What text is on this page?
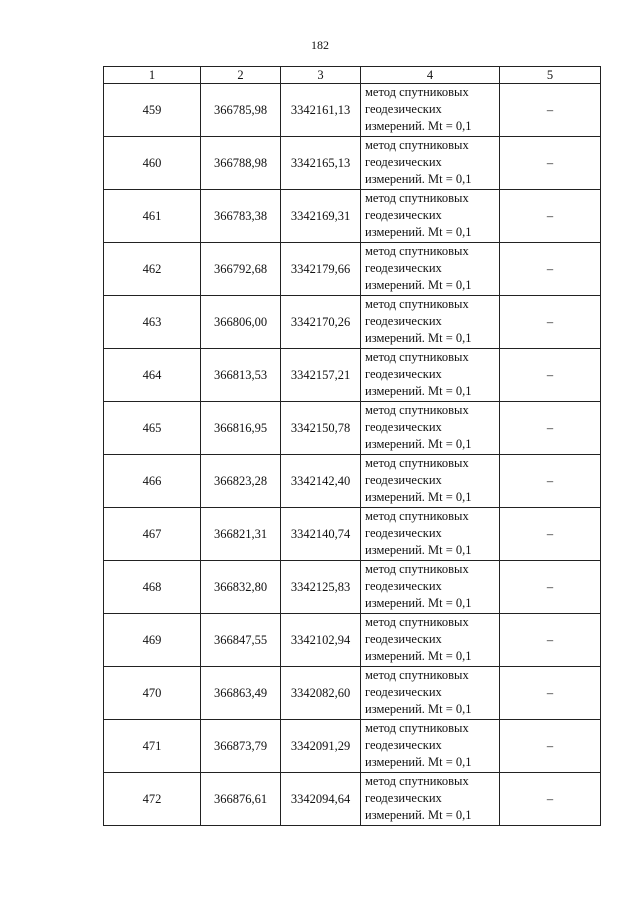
182
1	2	3	4	5
459	366785,98	3342161,13	метод спутниковых
геодезических
измерений. Mt = 0,1	–
460	366788,98	3342165,13	метод спутниковых
геодезических
измерений. Mt = 0,1	–
461	366783,38	3342169,31	метод спутниковых
геодезических
измерений. Mt = 0,1	–
462	366792,68	3342179,66	метод спутниковых
геодезических
измерений. Mt = 0,1	–
463	366806,00	3342170,26	метод спутниковых
геодезических
измерений. Mt = 0,1	–
464	366813,53	3342157,21	метод спутниковых
геодезических
измерений. Mt = 0,1	–
465	366816,95	3342150,78	метод спутниковых
геодезических
измерений. Mt = 0,1	–
466	366823,28	3342142,40	метод спутниковых
геодезических
измерений. Mt = 0,1	–
467	366821,31	3342140,74	метод спутниковых
геодезических
измерений. Mt = 0,1	–
468	366832,80	3342125,83	метод спутниковых
геодезических
измерений. Mt = 0,1	–
469	366847,55	3342102,94	метод спутниковых
геодезических
измерений. Mt = 0,1	–
470	366863,49	3342082,60	метод спутниковых
геодезических
измерений. Mt = 0,1	–
471	366873,79	3342091,29	метод спутниковых
геодезических
измерений. Mt = 0,1	–
472	366876,61	3342094,64	метод спутниковых
геодезических
измерений. Mt = 0,1	–
